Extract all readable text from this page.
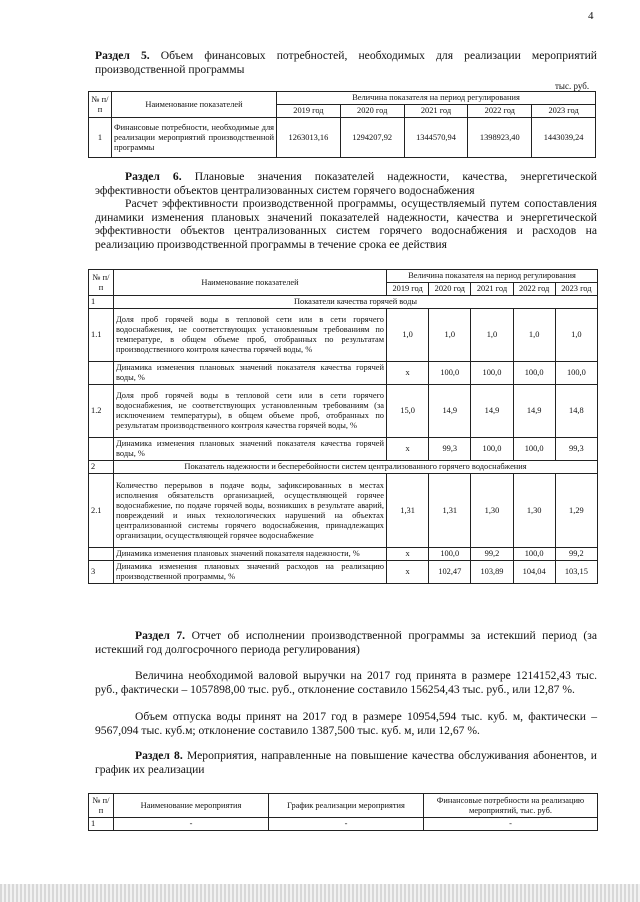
4
Раздел 5. Объем финансовых потребностей, необходимых для реализации мероприятий производственной программы
тыс. руб.
№ п/п	Наименование показателей	Величина показателя на период регулирования				
		2019 год	2020 год	2021 год	2022 год	2023 год
1	Финансовые потребности, необходимые для реализации мероприятий производственной программы	1263013,16	1294207,92	1344570,94	1398923,40	1443039,24
Раздел 6. Плановые значения показателей надежности, качества, энергетической эффективности объектов централизованных систем горячего водоснабжения
Расчет эффективности производственной программы, осуществляемый путем сопоставления динамики изменения плановых значений показателей надежности, качества и энергетической эффективности объектов централизованных систем горячего водоснабжения и расходов на реализацию производственной программы в течение срока ее действия
№ п/п	Наименование показателей	Величина показателя на период регулирования				
		2019 год	2020 год	2021 год	2022 год	2023 год
1	Показатели качества горячей воды					
1.1	Доля проб горячей воды в тепловой сети или в сети горячего водоснабжения, не соответствующих установленным требованиям по температуре, в общем объеме проб, отобранных по результатам производственного контроля качества горячей воды, %	1,0	1,0	1,0	1,0	1,0
	Динамика изменения плановых значений показателя качества горячей воды, %	х	100,0	100,0	100,0	100,0
1.2	Доля проб горячей воды в тепловой сети или в сети горячего водоснабжения, не соответствующих установленным требованиям (за исключением температуры), в общем объеме проб, отобранных по результатам производственного контроля качества горячей воды, %	15,0	14,9	14,9	14,9	14,8
	Динамика изменения плановых значений показателя качества горячей воды, %	х	99,3	100,0	100,0	99,3
2	Показатель надежности и бесперебойности систем централизованного горячего водоснабжения					
2.1	Количество перерывов в подаче воды, зафиксированных в местах исполнения обязательств организацией, осуществляющей горячее водоснабжение, по подаче горячей воды, возникших в результате аварий, повреждений и иных технологических нарушений на объектах централизованной системы горячего водоснабжения, принадлежащих организации, осуществляющей горячее водоснабжение	1,31	1,31	1,30	1,30	1,29
	Динамика изменения плановых значений показателя надежности, %	х	100,0	99,2	100,0	99,2
3	Динамика изменения плановых значений расходов на реализацию производственной программы, %	х	102,47	103,89	104,04	103,15
Раздел 7. Отчет об исполнении производственной программы за истекший период (за истекший год долгосрочного периода регулирования)
Величина необходимой валовой выручки на 2017 год принята в размере 1214152,43 тыс. руб., фактически – 1057898,00 тыс. руб., отклонение составило 156254,43 тыс. руб., или 12,87 %.
Объем отпуска воды принят на 2017 год в размере 10954,594 тыс. куб. м, фактически – 9567,094 тыс. куб.м; отклонение составило 1387,500 тыс. куб. м, или 12,67 %.
Раздел 8. Мероприятия, направленные на повышение качества обслуживания абонентов, и график их реализации
№ п/п	Наименование мероприятия	График реализации мероприятия	Финансовые потребности на реализацию мероприятий, тыс. руб.
1	-	-	-
